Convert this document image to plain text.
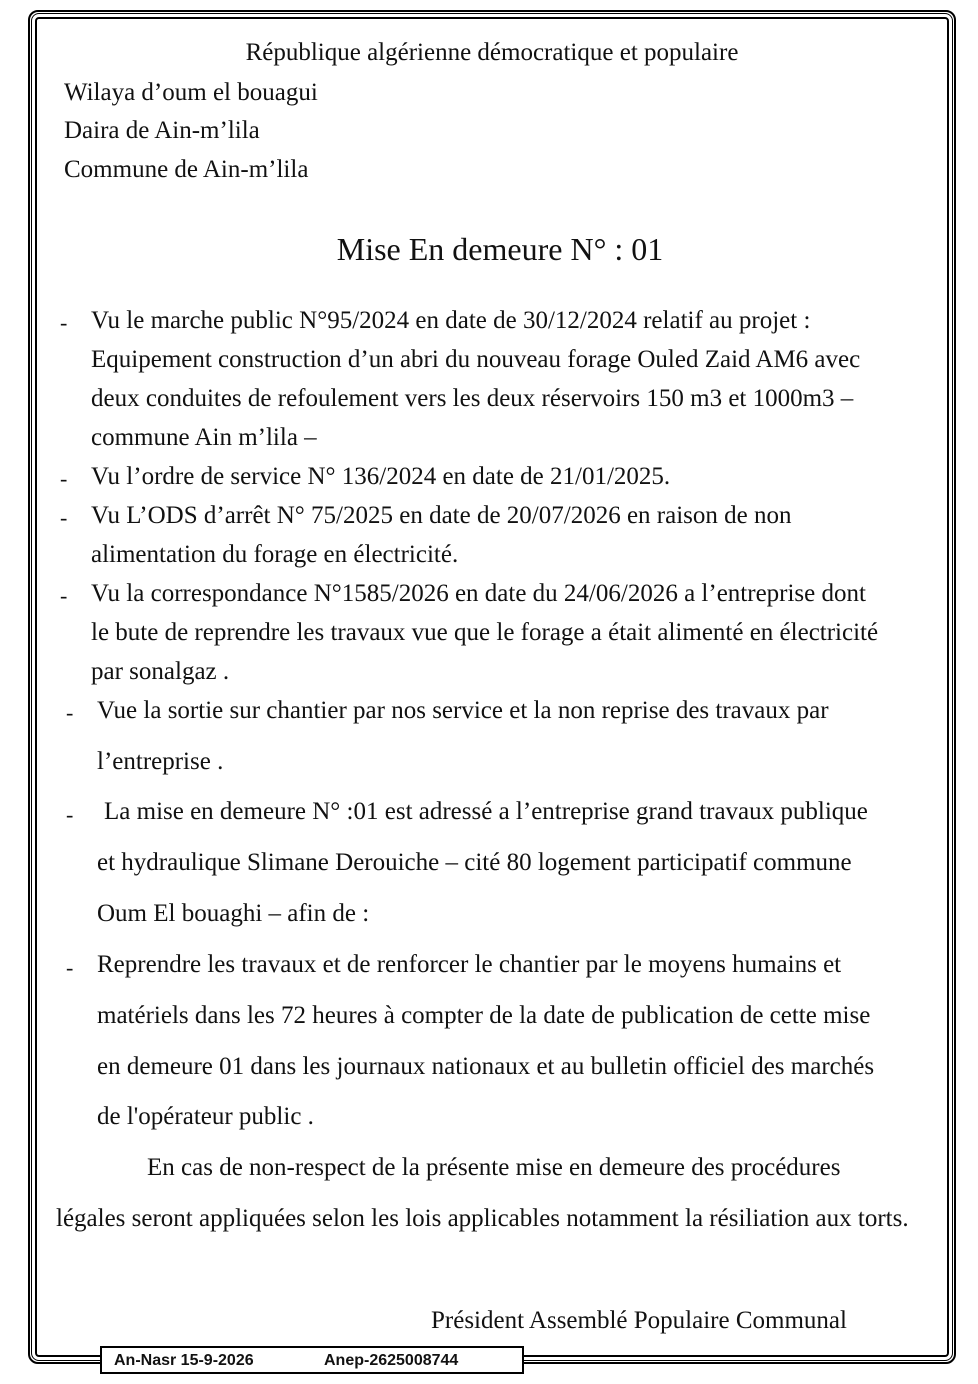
République algérienne démocratique et populaire
Wilaya d’oum el bouagui
Daira de Ain-m’lila
Commune de Ain-m’lila
Mise En demeure N° : 01
- Vu le marche public N°95/2024 en date de 30/12/2024 relatif au projet :
Equipement construction d’un abri du nouveau forage Ouled Zaid AM6 avec
deux conduites de refoulement vers les deux réservoirs 150 m3 et 1000m3 –
commune Ain m’lila –
- Vu l’ordre de service N° 136/2024 en date de 21/01/2025.
- Vu L’ODS d’arrêt N° 75/2025 en date de 20/07/2026 en raison de non
alimentation du forage en électricité.
- Vu la correspondance N°1585/2026 en date du 24/06/2026 a l’entreprise dont
le bute de reprendre les travaux vue que le forage a était alimenté en électricité
par sonalgaz .
- Vue la sortie sur chantier par nos service et la non reprise des travaux par
l’entreprise .
- La mise en demeure N° :01 est adressé a l’entreprise grand travaux publique
et hydraulique Slimane Derouiche – cité 80 logement participatif commune
Oum El bouaghi – afin de :
- Reprendre les travaux et de renforcer le chantier par le moyens humains et
matériels dans les 72 heures à compter de la date de publication de cette mise
en demeure 01 dans les journaux nationaux et au bulletin officiel des marchés
de l'opérateur public .
En cas de non-respect de la présente mise en demeure des procédures
légales seront appliquées selon les lois applicables notamment la résiliation aux torts.
Président Assemblé Populaire Communal
An-Nasr 15-9-2026	Anep-2625008744
